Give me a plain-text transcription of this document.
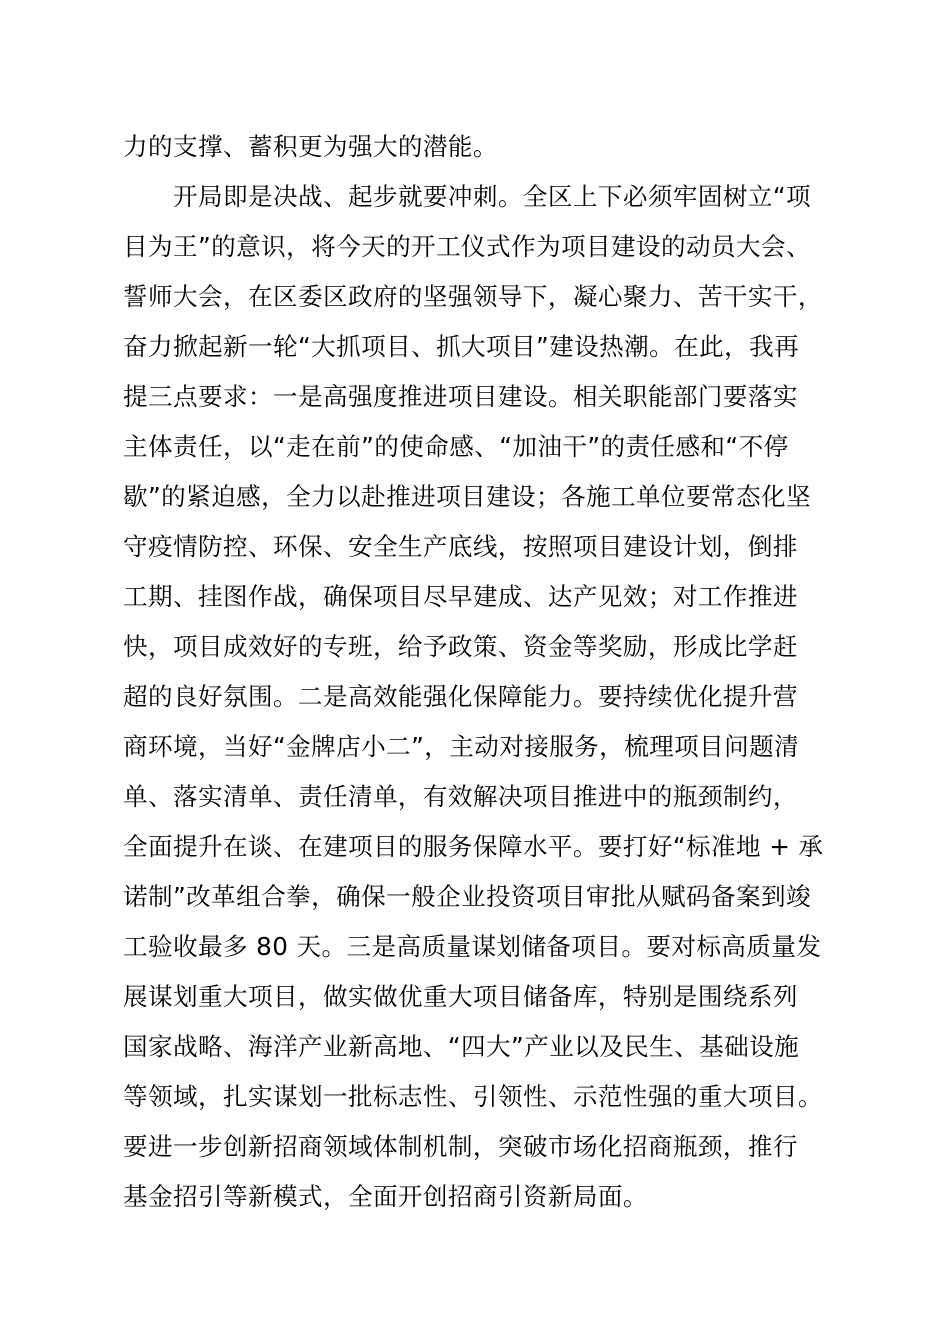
力的支撑、蓄积更为强大的潜能。
开局即是决战、起步就要冲刺。全区上下必须牢固树立“项
目为王”的意识，将今天的开工仪式作为项目建设的动员大会、
誓师大会，在区委区政府的坚强领导下，凝心聚力、苦干实干，
奋力掀起新一轮“大抓项目、抓大项目”建设热潮。在此，我再
提三点要求：一是高强度推进项目建设。相关职能部门要落实
主体责任，以“走在前”的使命感、“加油干”的责任感和“不停
歇”的紧迫感，全力以赴推进项目建设；各施工单位要常态化坚
守疫情防控、环保、安全生产底线，按照项目建设计划，倒排
工期、挂图作战，确保项目尽早建成、达产见效；对工作推进
快，项目成效好的专班，给予政策、资金等奖励，形成比学赶
超的良好氛围。二是高效能强化保障能力。要持续优化提升营
商环境，当好“金牌店小二”，主动对接服务，梳理项目问题清
单、落实清单、责任清单，有效解决项目推进中的瓶颈制约，
全面提升在谈、在建项目的服务保障水平。要打好“标准地 + 承
诺制”改革组合拳，确保一般企业投资项目审批从赋码备案到竣
工验收最多 80 天。三是高质量谋划储备项目。要对标高质量发
展谋划重大项目，做实做优重大项目储备库，特别是围绕系列
国家战略、海洋产业新高地、“四大”产业以及民生、基础设施
等领域，扎实谋划一批标志性、引领性、示范性强的重大项目。
要进一步创新招商领域体制机制，突破市场化招商瓶颈，推行
基金招引等新模式，全面开创招商引资新局面。
